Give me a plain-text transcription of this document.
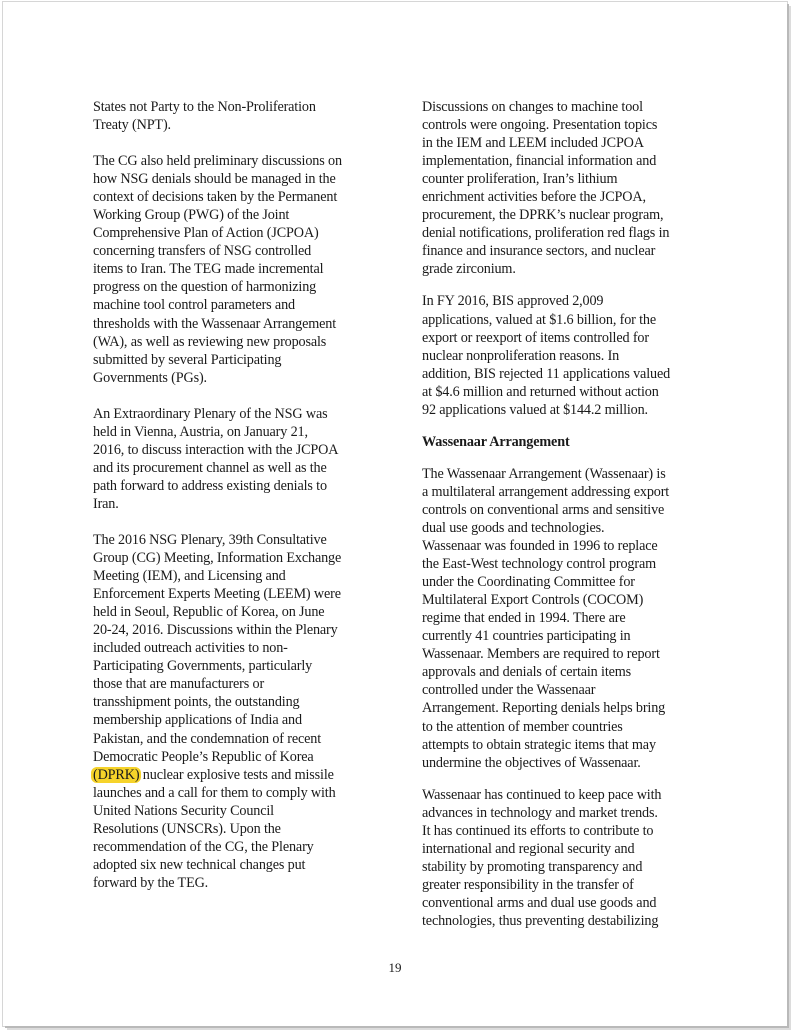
States not Party to the Non-Proliferation
Treaty (NPT).

The CG also held preliminary discussions on
how NSG denials should be managed in the
context of decisions taken by the Permanent
Working Group (PWG) of the Joint
Comprehensive Plan of Action (JCPOA)
concerning transfers of NSG controlled
items to Iran. The TEG made incremental
progress on the question of harmonizing
machine tool control parameters and
thresholds with the Wassenaar Arrangement
(WA), as well as reviewing new proposals
submitted by several Participating
Governments (PGs).

An Extraordinary Plenary of the NSG was
held in Vienna, Austria, on January 21,
2016, to discuss interaction with the JCPOA
and its procurement channel as well as the
path forward to address existing denials to
Iran.

The 2016 NSG Plenary, 39th Consultative
Group (CG) Meeting, Information Exchange
Meeting (IEM), and Licensing and
Enforcement Experts Meeting (LEEM) were
held in Seoul, Republic of Korea, on June
20-24, 2016. Discussions within the Plenary
included outreach activities to non-
Participating Governments, particularly
those that are manufacturers or
transshipment points, the outstanding
membership applications of India and
Pakistan, and the condemnation of recent
Democratic People’s Republic of Korea
(DPRK) nuclear explosive tests and missile
launches and a call for them to comply with
United Nations Security Council
Resolutions (UNSCRs). Upon the
recommendation of the CG, the Plenary
adopted six new technical changes put
forward by the TEG.

Discussions on changes to machine tool
controls were ongoing. Presentation topics
in the IEM and LEEM included JCPOA
implementation, financial information and
counter proliferation, Iran’s lithium
enrichment activities before the JCPOA,
procurement, the DPRK’s nuclear program,
denial notifications, proliferation red flags in
finance and insurance sectors, and nuclear
grade zirconium.

In FY 2016, BIS approved 2,009
applications, valued at $1.6 billion, for the
export or reexport of items controlled for
nuclear nonproliferation reasons. In
addition, BIS rejected 11 applications valued
at $4.6 million and returned without action
92 applications valued at $144.2 million.

Wassenaar Arrangement

The Wassenaar Arrangement (Wassenaar) is
a multilateral arrangement addressing export
controls on conventional arms and sensitive
dual use goods and technologies.
Wassenaar was founded in 1996 to replace
the East-West technology control program
under the Coordinating Committee for
Multilateral Export Controls (COCOM)
regime that ended in 1994. There are
currently 41 countries participating in
Wassenaar. Members are required to report
approvals and denials of certain items
controlled under the Wassenaar
Arrangement. Reporting denials helps bring
to the attention of member countries
attempts to obtain strategic items that may
undermine the objectives of Wassenaar.

Wassenaar has continued to keep pace with
advances in technology and market trends.
It has continued its efforts to contribute to
international and regional security and
stability by promoting transparency and
greater responsibility in the transfer of
conventional arms and dual use goods and
technologies, thus preventing destabilizing

19
